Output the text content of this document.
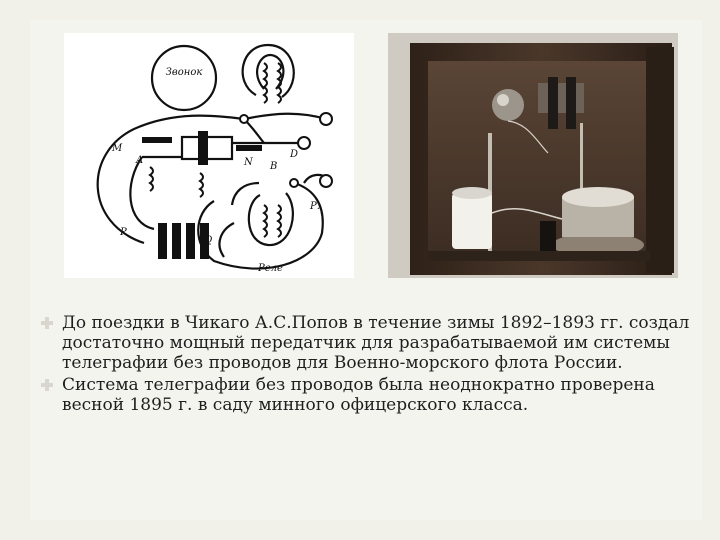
Звонок
M
A	N B
D
P
Q
Р.
Реле
До поездки в Чикаго А.С.Попов в течение зимы 1892–1893 гг. создал достаточно мощный передатчик для разрабатываемой им системы телеграфии без проводов для Военно-морского флота России.
Система телеграфии без проводов была неоднократно проверена весной 1895 г. в саду минного офицерского класса.
